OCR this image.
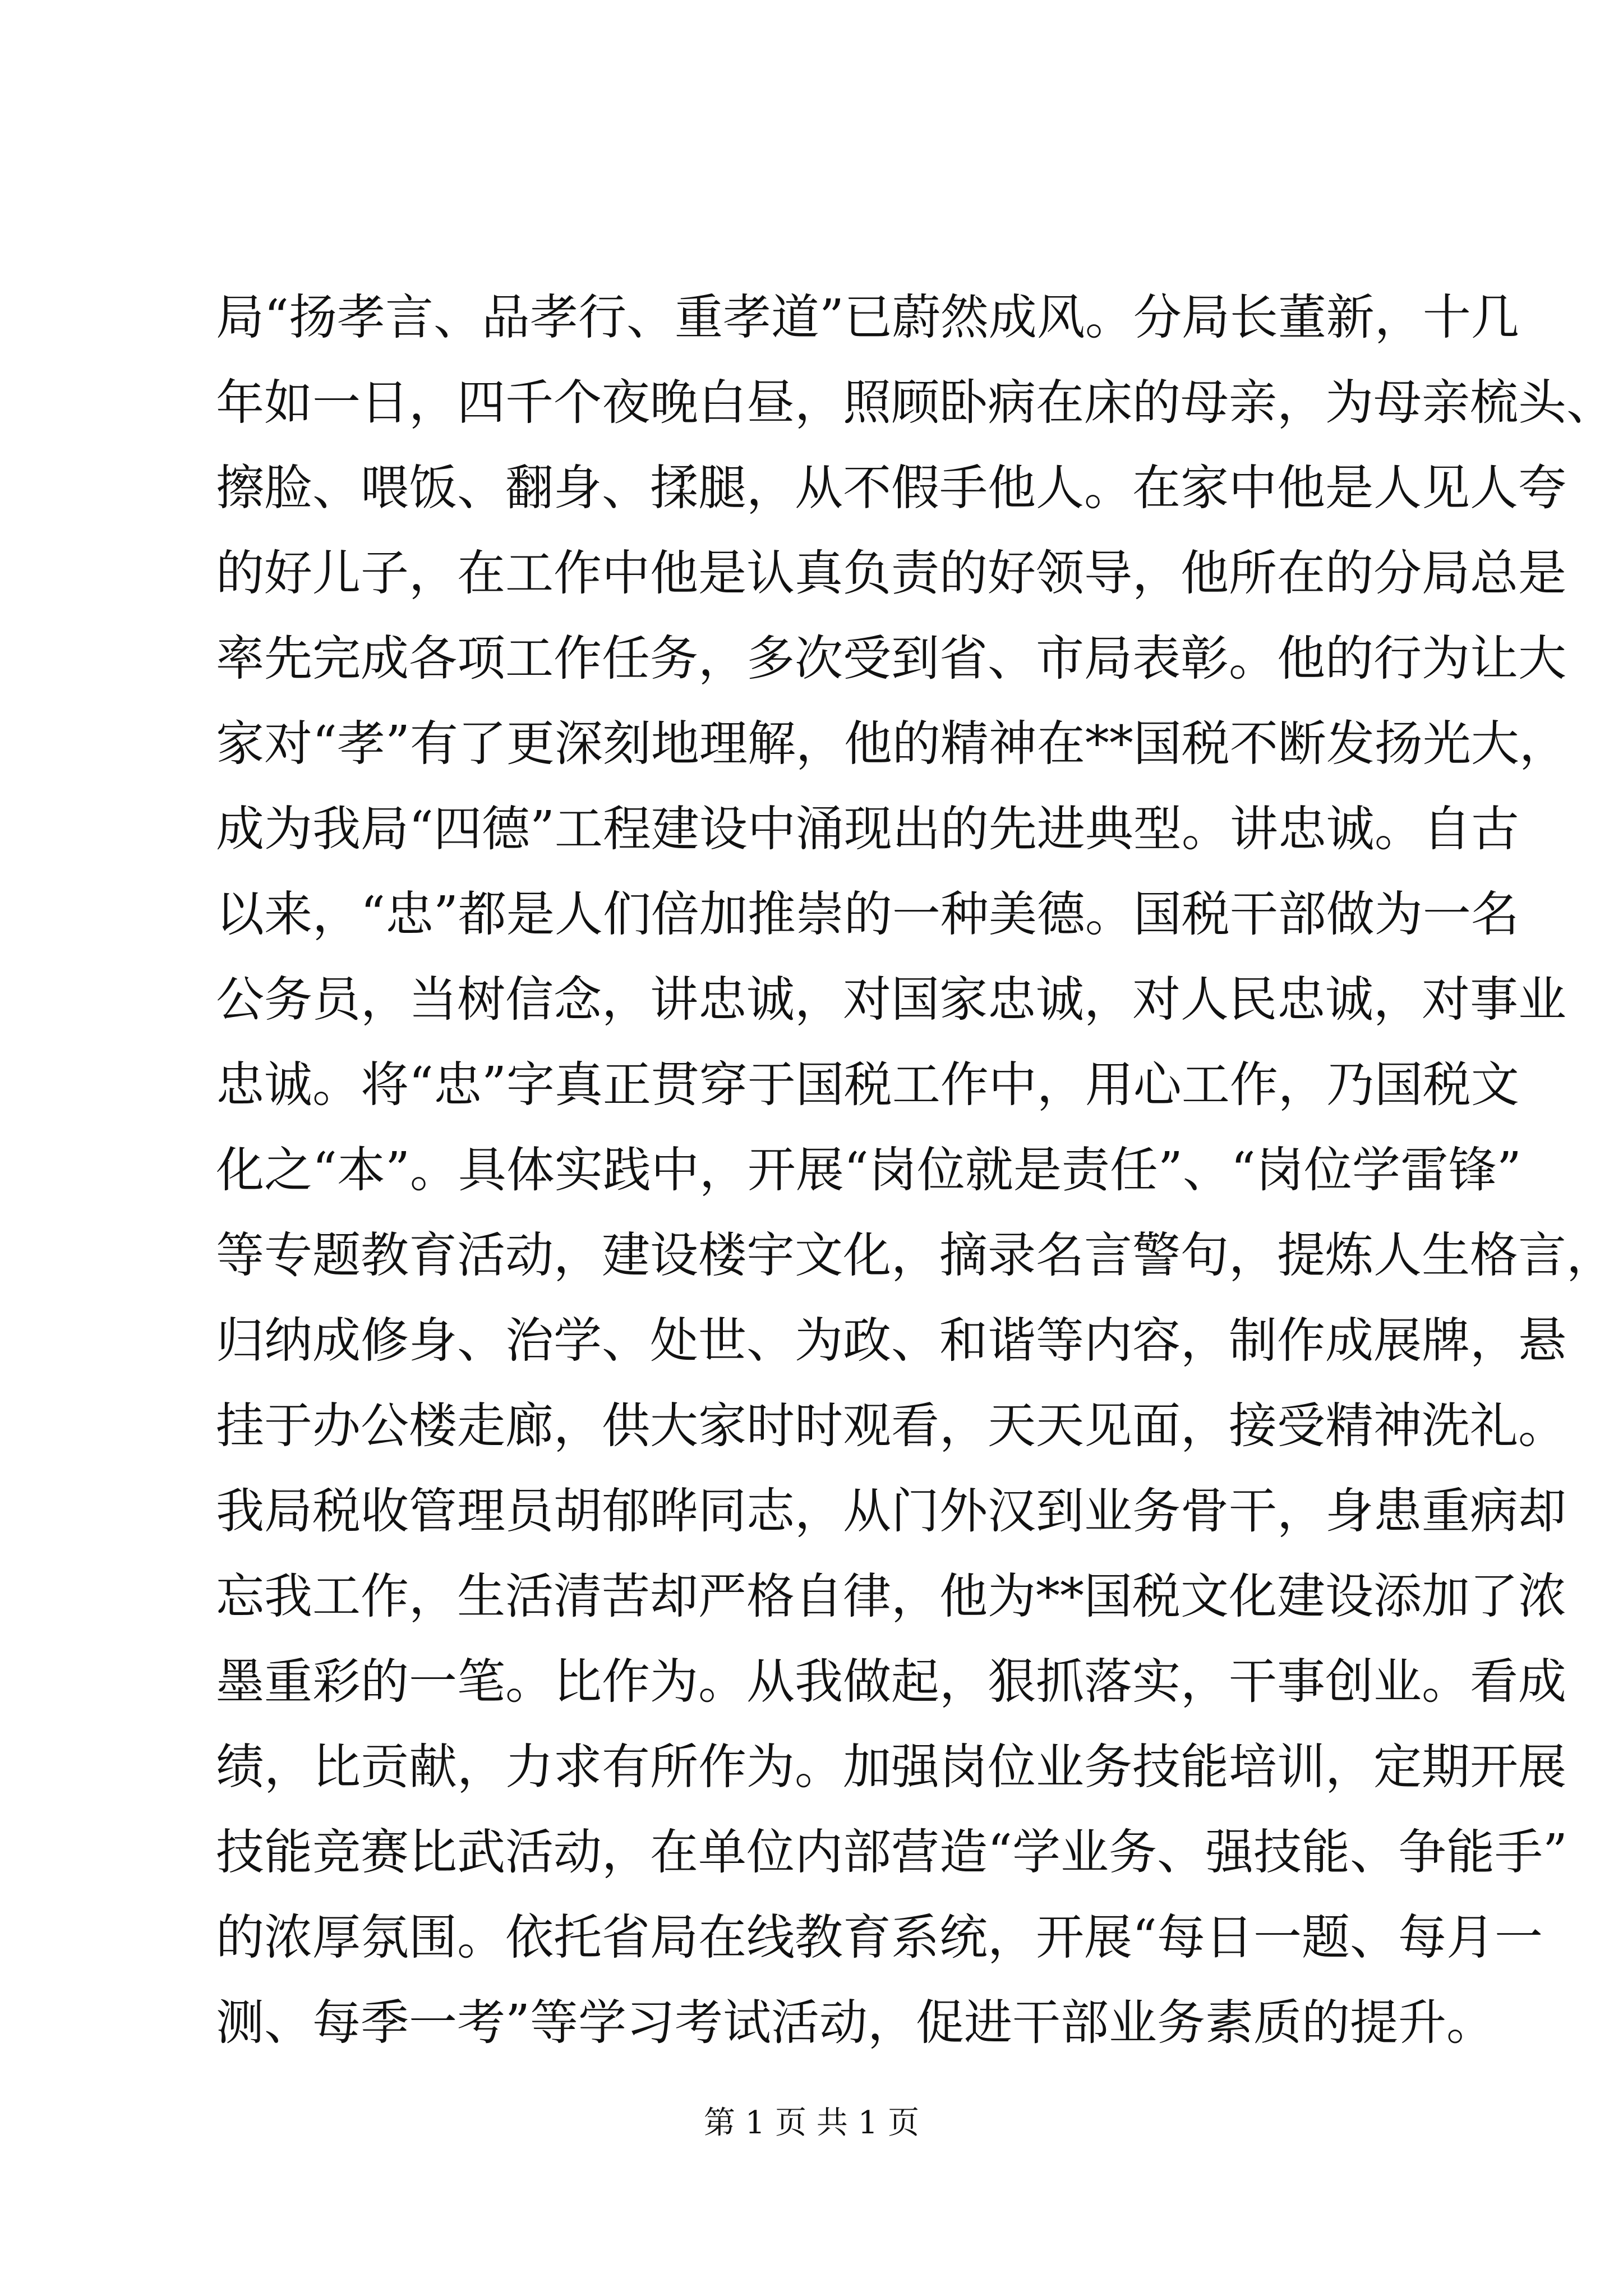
局“扬孝言、品孝行、重孝道”已蔚然成风。分局长董新，十几
年如一日，四千个夜晚白昼，照顾卧病在床的母亲，为母亲梳头、
擦脸、喂饭、翻身、揉腿，从不假手他人。在家中他是人见人夸
的好儿子，在工作中他是认真负责的好领导，他所在的分局总是
率先完成各项工作任务，多次受到省、市局表彰。他的行为让大
家对“孝”有了更深刻地理解，他的精神在**国税不断发扬光大，
成为我局“四德”工程建设中涌现出的先进典型。讲忠诚。自古
以来，“忠”都是人们倍加推崇的一种美德。国税干部做为一名
公务员，当树信念，讲忠诚，对国家忠诚，对人民忠诚，对事业
忠诚。将“忠”字真正贯穿于国税工作中，用心工作，乃国税文
化之“本”。具体实践中，开展“岗位就是责任”、“岗位学雷锋”
等专题教育活动，建设楼宇文化，摘录名言警句，提炼人生格言，
归纳成修身、治学、处世、为政、和谐等内容，制作成展牌，悬
挂于办公楼走廊，供大家时时观看，天天见面，接受精神洗礼。
我局税收管理员胡郁晔同志，从门外汉到业务骨干，身患重病却
忘我工作，生活清苦却严格自律，他为**国税文化建设添加了浓
墨重彩的一笔。比作为。从我做起，狠抓落实，干事创业。看成
绩，比贡献，力求有所作为。加强岗位业务技能培训，定期开展
技能竞赛比武活动，在单位内部营造“学业务、强技能、争能手”
的浓厚氛围。依托省局在线教育系统，开展“每日一题、每月一
测、每季一考”等学习考试活动，促进干部业务素质的提升。
第 1 页 共 1 页
